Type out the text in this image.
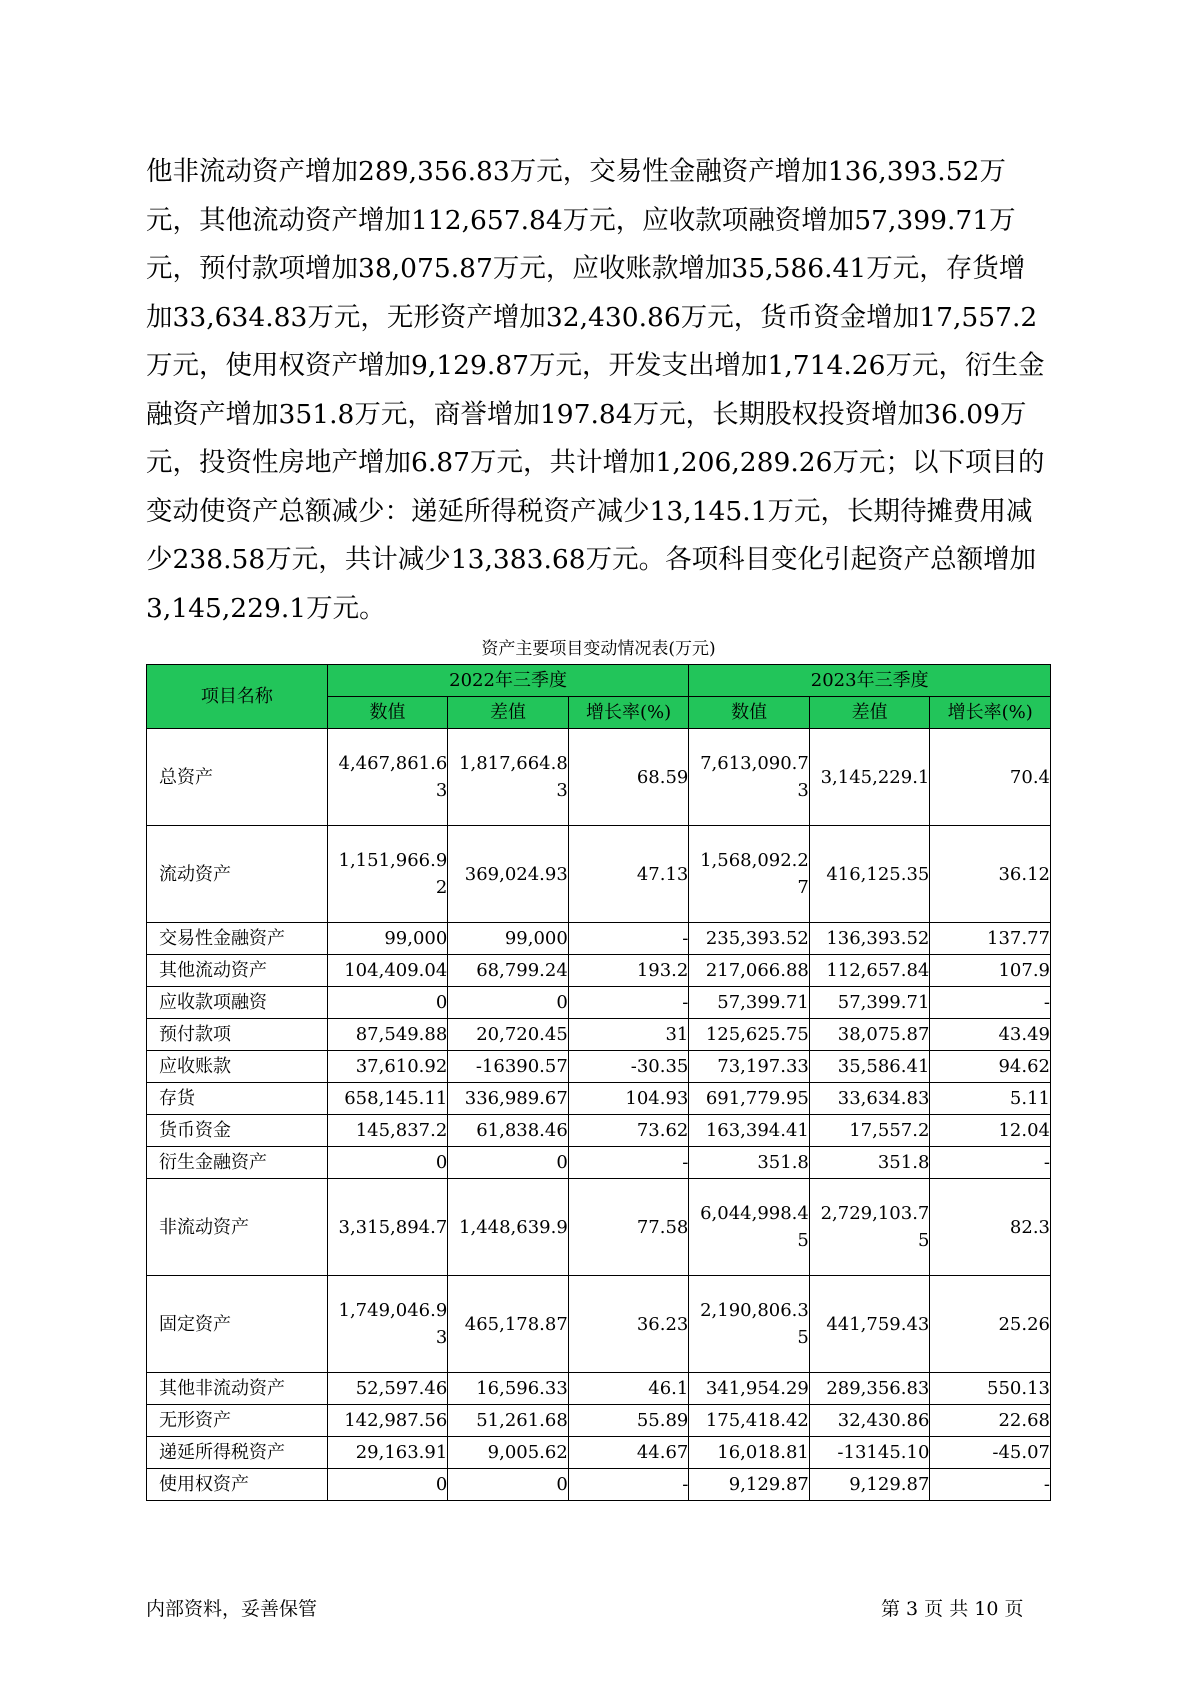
他非流动资产增加289,356.83万元，交易性金融资产增加136,393.52万元，其他流动资产增加112,657.84万元，应收款项融资增加57,399.71万元，预付款项增加38,075.87万元，应收账款增加35,586.41万元，存货增加33,634.83万元，无形资产增加32,430.86万元，货币资金增加17,557.2万元，使用权资产增加9,129.87万元，开发支出增加1,714.26万元，衍生金融资产增加351.8万元，商誉增加197.84万元，长期股权投资增加36.09万元，投资性房地产增加6.87万元，共计增加1,206,289.26万元；以下项目的变动使资产总额减少：递延所得税资产减少13,145.1万元，长期待摊费用减少238.58万元，共计减少13,383.68万元。各项科目变化引起资产总额增加3,145,229.1万元。

资产主要项目变动情况表(万元)
项目名称	2022年三季度			2023年三季度		
	数值	差值	增长率(%)	数值	差值	增长率(%)
总资产	4,467,861.63	1,817,664.83	68.59	7,613,090.73	3,145,229.1	70.4
流动资产	1,151,966.92	369,024.93	47.13	1,568,092.27	416,125.35	36.12
交易性金融资产	99,000	99,000	-	235,393.52	136,393.52	137.77
其他流动资产	104,409.04	68,799.24	193.2	217,066.88	112,657.84	107.9
应收款项融资	0	0	-	57,399.71	57,399.71	-
预付款项	87,549.88	20,720.45	31	125,625.75	38,075.87	43.49
应收账款	37,610.92	-16390.57	-30.35	73,197.33	35,586.41	94.62
存货	658,145.11	336,989.67	104.93	691,779.95	33,634.83	5.11
货币资金	145,837.2	61,838.46	73.62	163,394.41	17,557.2	12.04
衍生金融资产	0	0	-	351.8	351.8	-
非流动资产	3,315,894.7	1,448,639.9	77.58	6,044,998.45	2,729,103.75	82.3
固定资产	1,749,046.93	465,178.87	36.23	2,190,806.35	441,759.43	25.26
其他非流动资产	52,597.46	16,596.33	46.1	341,954.29	289,356.83	550.13
无形资产	142,987.56	51,261.68	55.89	175,418.42	32,430.86	22.68
递延所得税资产	29,163.91	9,005.62	44.67	16,018.81	-13145.10	-45.07
使用权资产	0	0	-	9,129.87	9,129.87	-
内部资料，妥善保管	第 3 页 共 10 页
